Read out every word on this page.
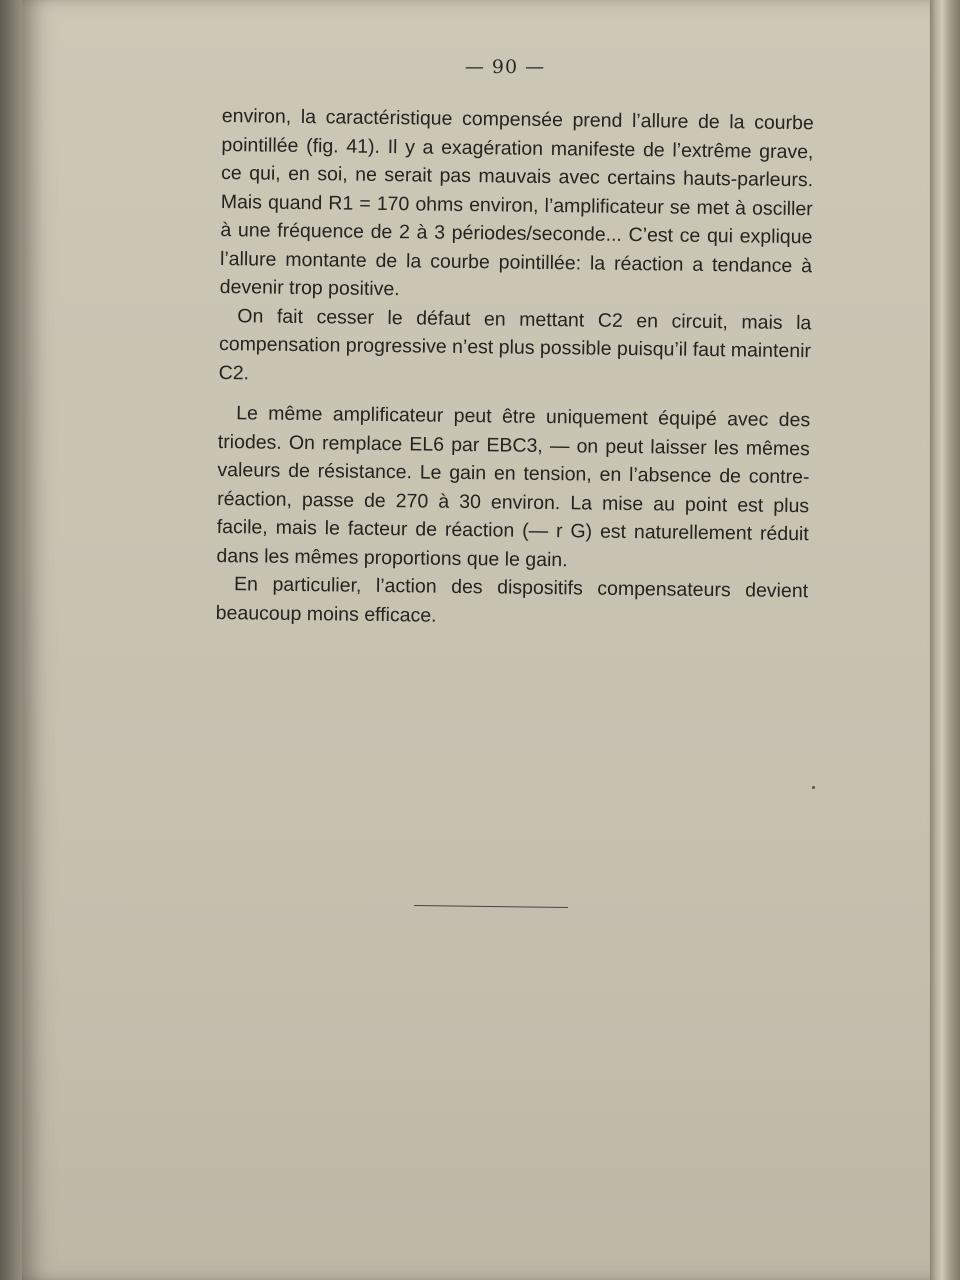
— 90 —

environ, la caractéristique compensée prend l’allure de la courbe pointillée (fig. 41). Il y a exagération manifeste de l’extrême grave, ce qui, en soi, ne serait pas mauvais avec certains hauts-parleurs. Mais quand R1 = 170 ohms environ, l’amplificateur se met à osciller à une fréquence de 2 à 3 périodes/seconde... C’est ce qui explique l’allure montante de la courbe pointillée: la réaction a tendance à devenir trop positive.

On fait cesser le défaut en mettant C2 en circuit, mais la compensation progressive n’est plus possible puisqu’il faut maintenir C2.

Le même amplificateur peut être uniquement équipé avec des triodes. On remplace EL6 par EBC3, — on peut laisser les mêmes valeurs de résistance. Le gain en tension, en l’absence de contre-réaction, passe de 270 à 30 environ. La mise au point est plus facile, mais le facteur de réaction (— r G) est naturellement réduit dans les mêmes proportions que le gain.

En particulier, l’action des dispositifs compensateurs devient beaucoup moins efficace.
